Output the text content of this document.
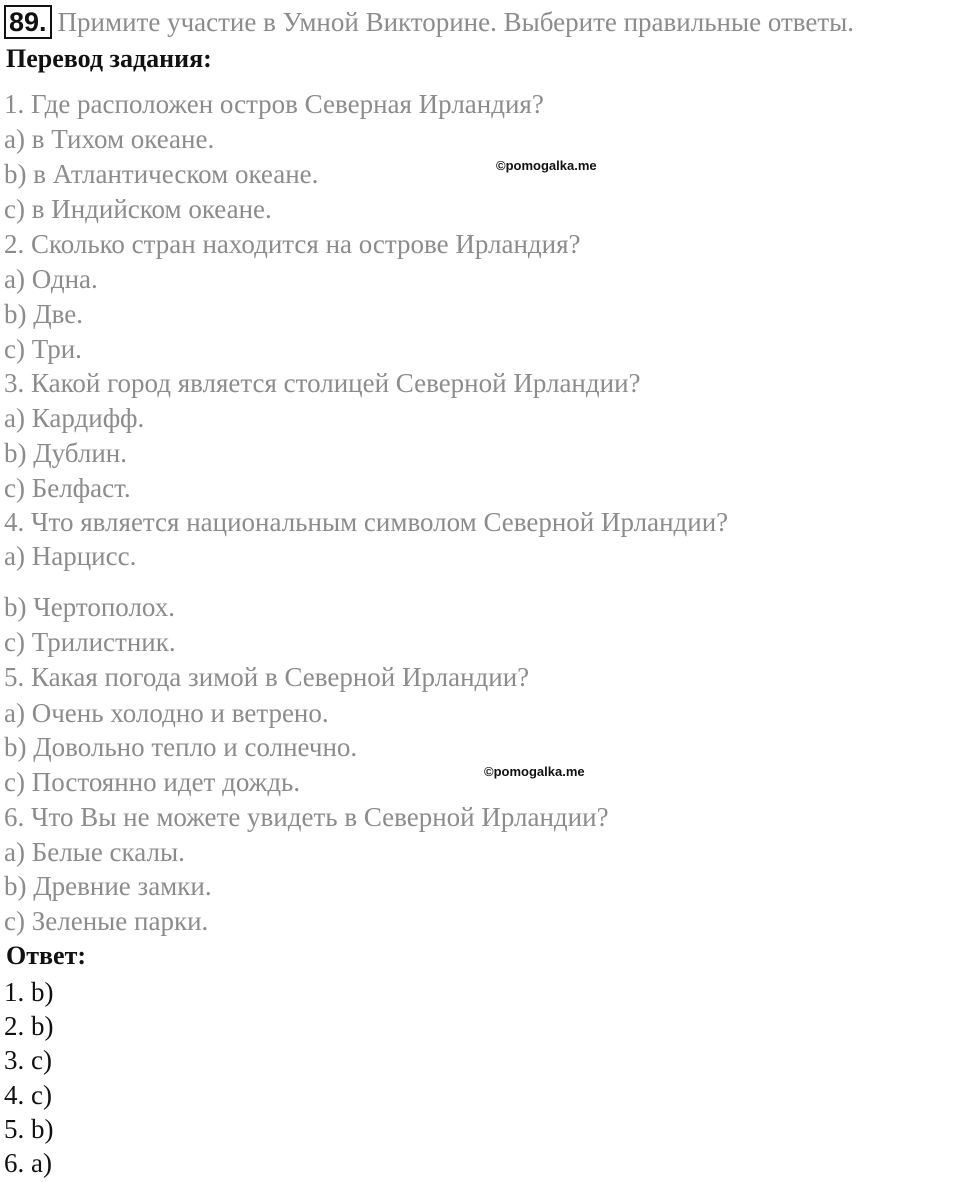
89. Примите участие в Умной Викторине. Выберите правильные ответы.
Перевод задания:
1. Где расположен остров Северная Ирландия?
a) в Тихом океане.
b) в Атлантическом океане.
c) в Индийском океане.
2. Сколько стран находится на острове Ирландия?
a) Одна.
b) Две.
c) Три.
3. Какой город является столицей Северной Ирландии?
a) Кардифф.
b) Дублин.
c) Белфаст.
4. Что является национальным символом Северной Ирландии?
a) Нарцисс.
b) Чертополох.
c) Трилистник.
5. Какая погода зимой в Северной Ирландии?
a) Очень холодно и ветрено.
b) Довольно тепло и солнечно.
c) Постоянно идет дождь.
6. Что Вы не можете увидеть в Северной Ирландии?
a) Белые скалы.
b) Древние замки.
c) Зеленые парки.
Ответ:
1. b)
2. b)
3. c)
4. c)
5. b)
6. a)
©pomogalka.me
©pomogalka.me
